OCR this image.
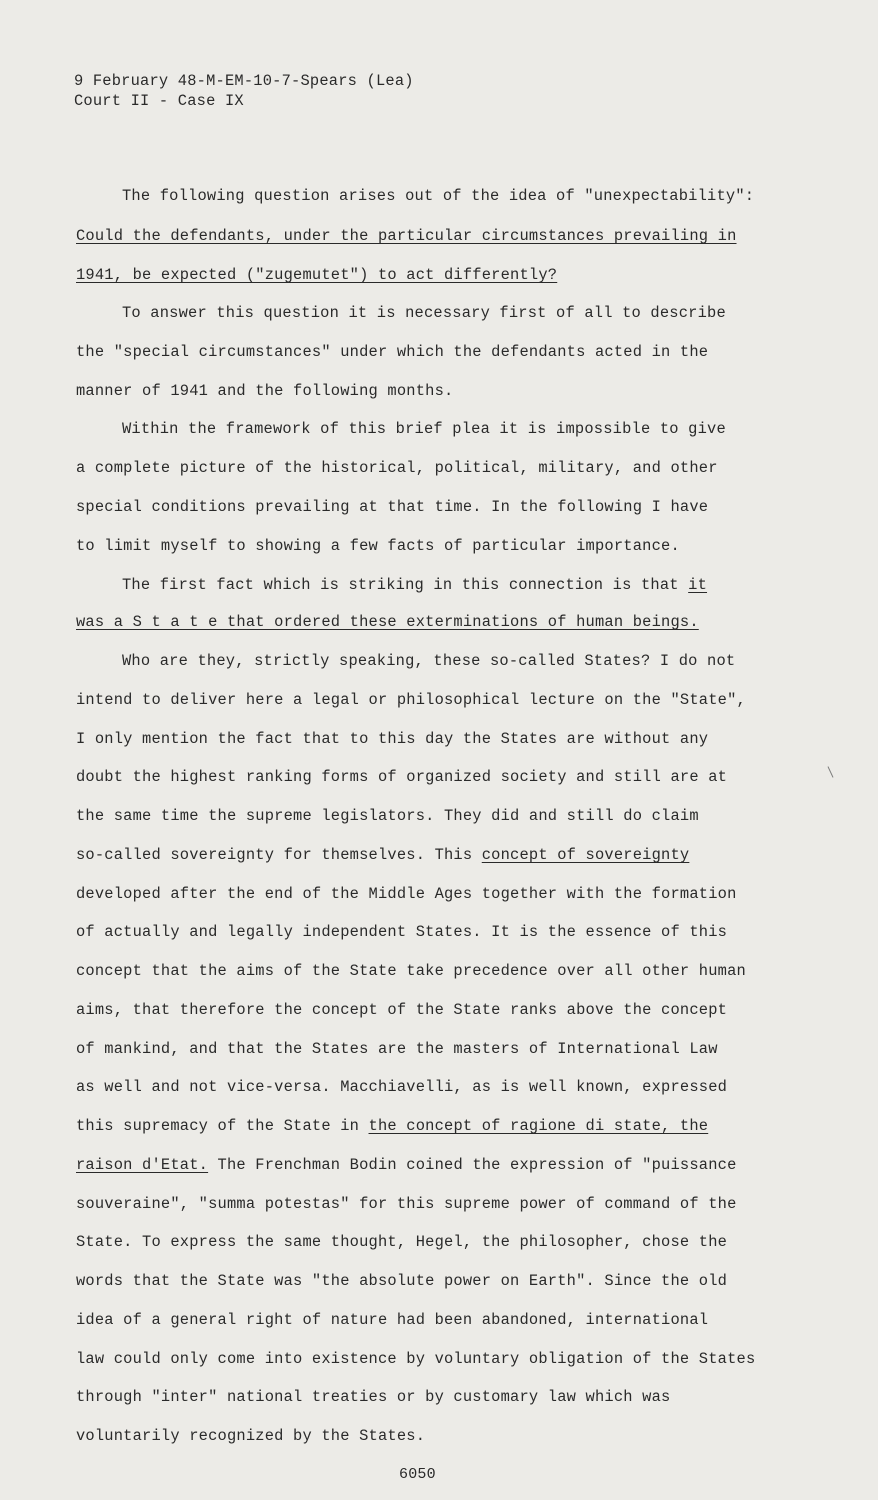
9 February 48-M-EM-10-7-Spears (Lea)
Court II - Case IX
The following question arises out of the idea of "unexpectability":
Could the defendants, under the particular circumstances prevailing in
1941, be expected ("zugemutet") to act differently?
To answer this question it is necessary first of all to describe
the "special circumstances" under which the defendants acted in the
manner of 1941 and the following months.
Within the framework of this brief plea it is impossible to give
a complete picture of the historical, political, military, and other
special conditions prevailing at that time. In the following I have
to limit myself to showing a few facts of particular importance.
The first fact which is striking in this connection is that it
was a S t a t e that ordered these exterminations of human beings.
Who are they, strictly speaking, these so-called States? I do not
intend to deliver here a legal or philosophical lecture on the "State",
I only mention the fact that to this day the States are without any
doubt the highest ranking forms of organized society and still are at
the same time the supreme legislators. They did and still do claim
so-called sovereignty for themselves. This concept of sovereignty
developed after the end of the Middle Ages together with the formation
of actually and legally independent States. It is the essence of this
concept that the aims of the State take precedence over all other human
aims, that therefore the concept of the State ranks above the concept
of mankind, and that the States are the masters of International Law
as well and not vice-versa. Macchiavelli, as is well known, expressed
this supremacy of the State in the concept of ragione di state, the
raison d'Etat. The Frenchman Bodin coined the expression of "puissance
souveraine", "summa potestas" for this supreme power of command of the
State. To express the same thought, Hegel, the philosopher, chose the
words that the State was "the absolute power on Earth". Since the old
idea of a general right of nature had been abandoned, international
law could only come into existence by voluntary obligation of the States
through "inter" national treaties or by customary law which was
voluntarily recognized by the States.
6050
